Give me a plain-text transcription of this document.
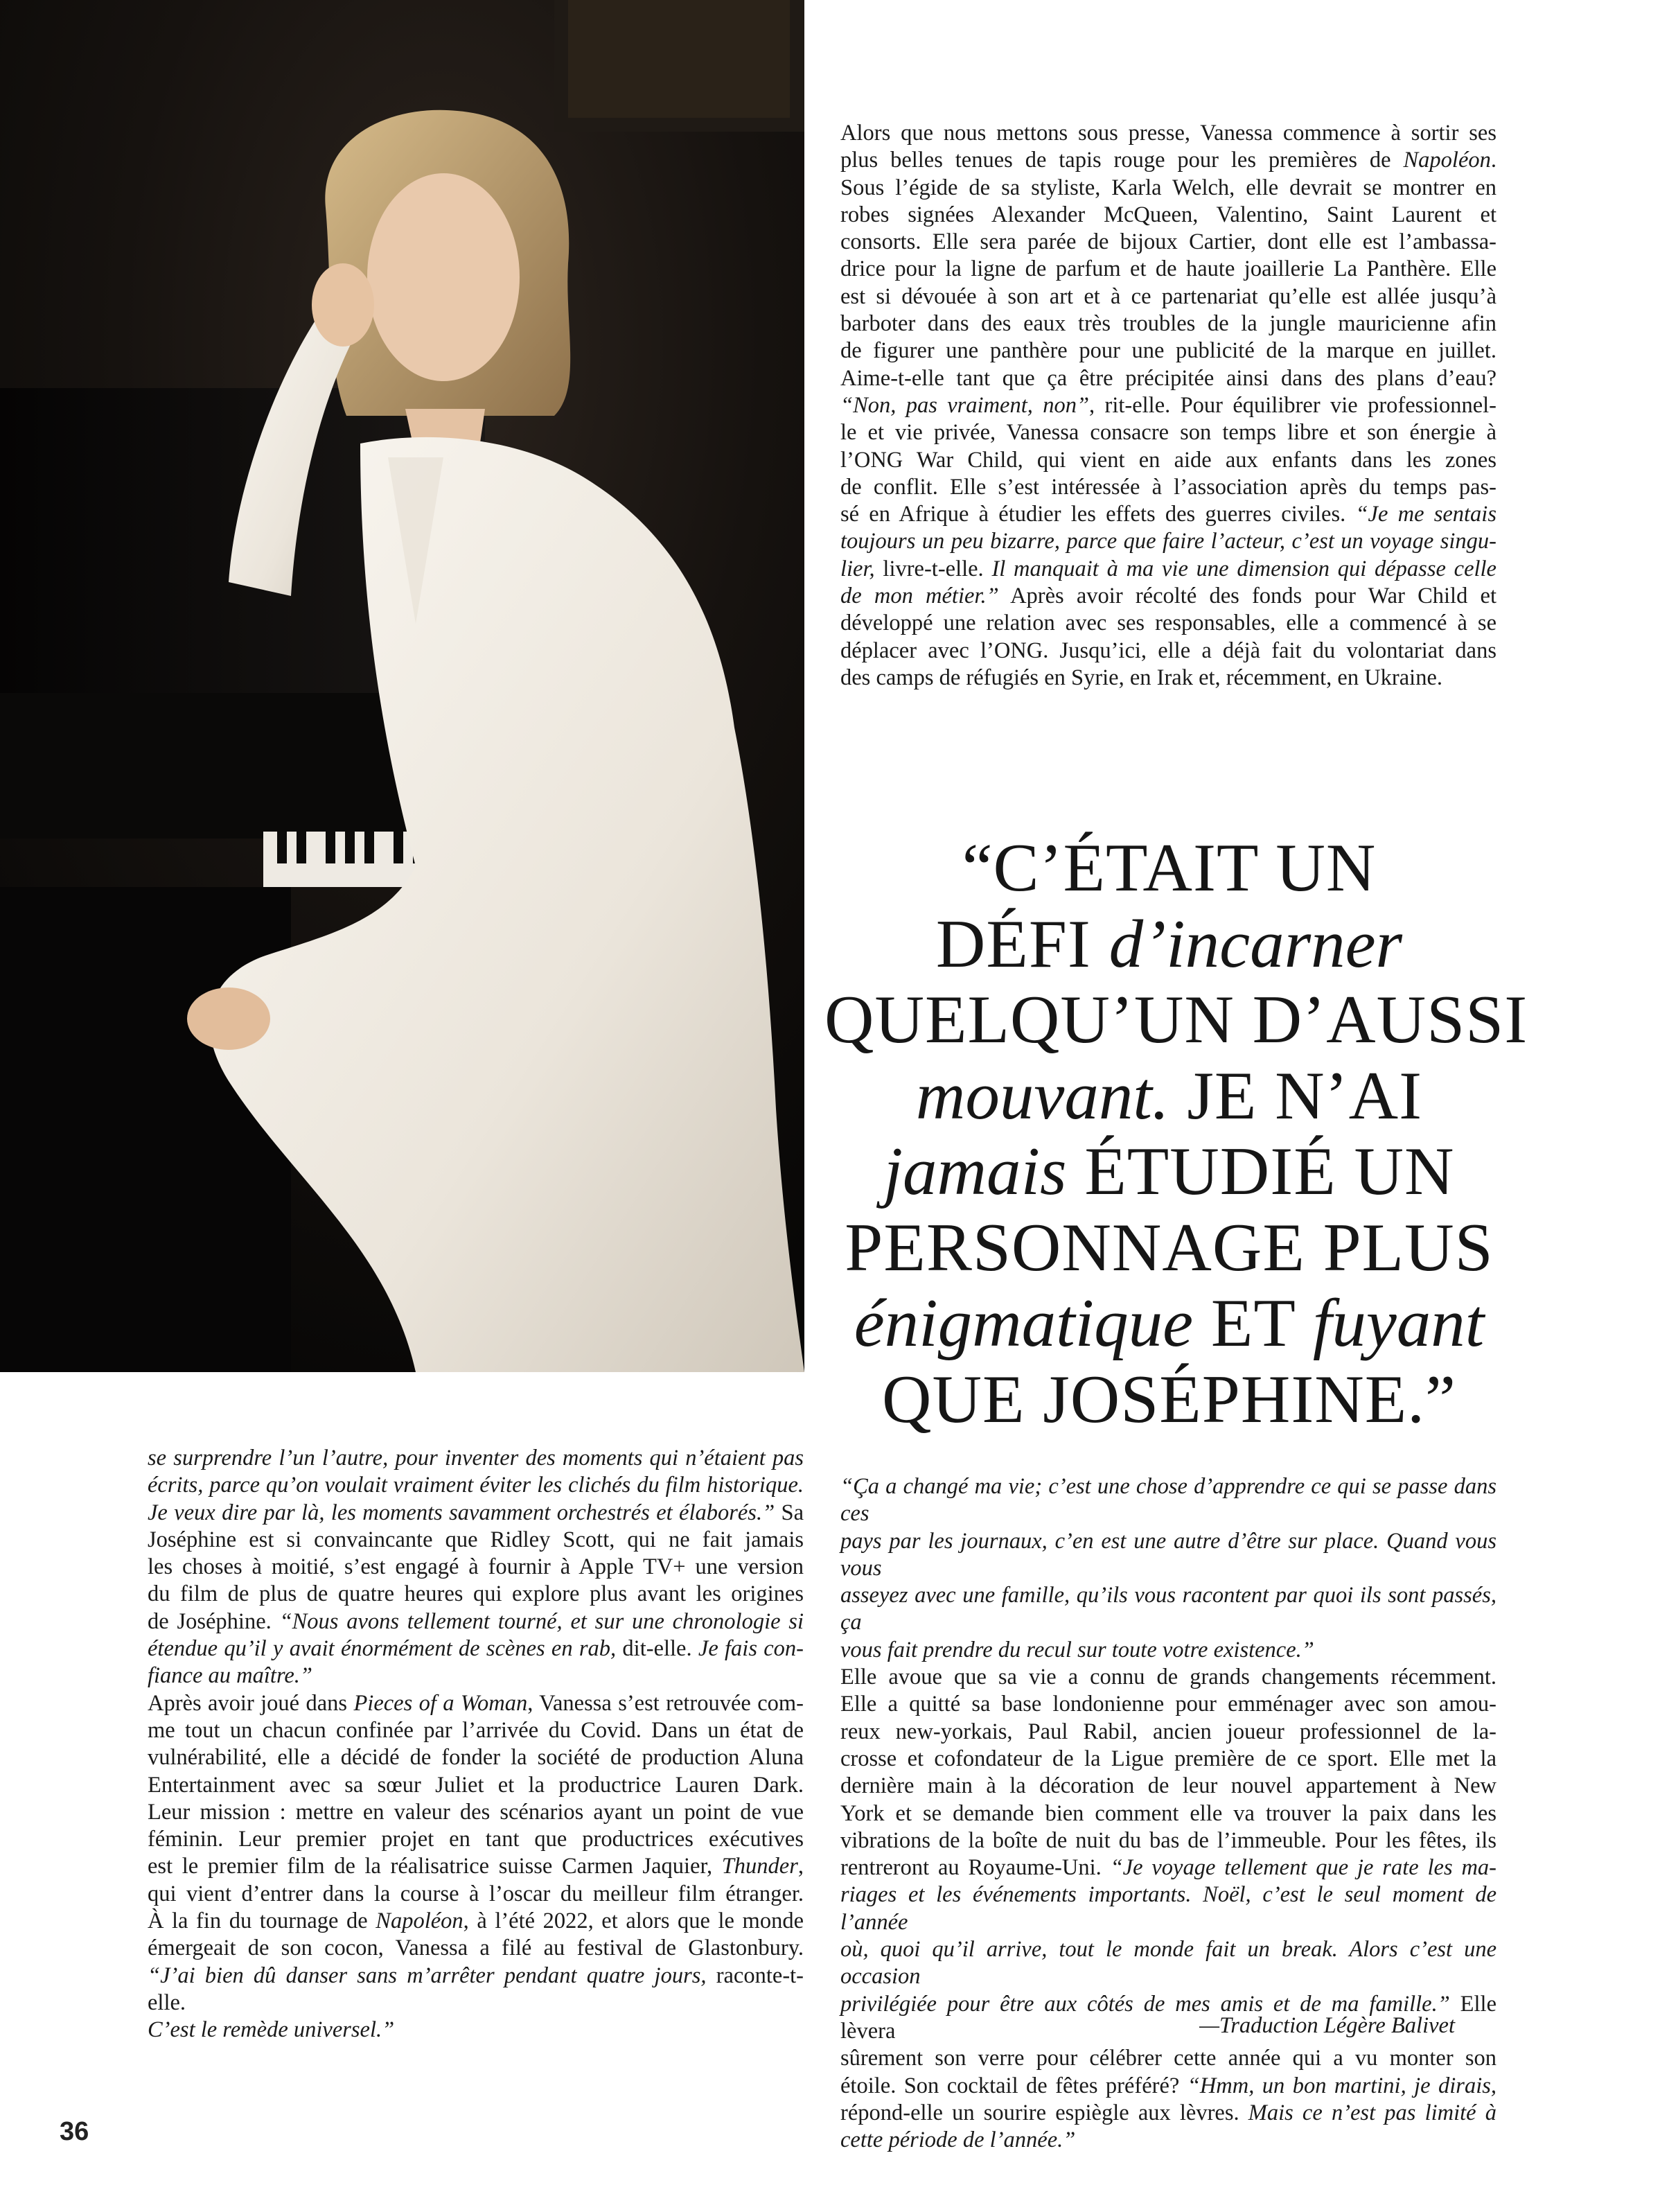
Alors que nous mettons sous presse, Vanessa commence à sortir ses
plus belles tenues de tapis rouge pour les premières de Napoléon.
Sous l’égide de sa styliste, Karla Welch, elle devrait se montrer en
robes signées Alexander McQueen, Valentino, Saint Laurent et
consorts. Elle sera parée de bijoux Cartier, dont elle est l’ambassa-
drice pour la ligne de parfum et de haute joaillerie La Panthère. Elle
est si dévouée à son art et à ce partenariat qu’elle est allée jusqu’à
barboter dans des eaux très troubles de la jungle mauricienne afin
de figurer une panthère pour une publicité de la marque en juillet.
Aime-t-elle tant que ça être précipitée ainsi dans des plans d’eau?
“Non, pas vraiment, non”, rit-elle. Pour équilibrer vie professionnel-
le et vie privée, Vanessa consacre son temps libre et son énergie à
l’ONG War Child, qui vient en aide aux enfants dans les zones
de conflit. Elle s’est intéressée à l’association après du temps pas-
sé en Afrique à étudier les effets des guerres civiles. “Je me sentais
toujours un peu bizarre, parce que faire l’acteur, c’est un voyage singu-
lier, livre-t-elle. Il manquait à ma vie une dimension qui dépasse celle
de mon métier.” Après avoir récolté des fonds pour War Child et
développé une relation avec ses responsables, elle a commencé à se
déplacer avec l’ONG. Jusqu’ici, elle a déjà fait du volontariat dans
des camps de réfugiés en Syrie, en Irak et, récemment, en Ukraine.
“C’ÉTAIT UN
DÉFI d’incarner
QUELQU’UN D’AUSSI
mouvant. JE N’AI
jamais ÉTUDIÉ UN
PERSONNAGE PLUS
énigmatique ET fuyant
QUE JOSÉPHINE.”
se surprendre l’un l’autre, pour inventer des moments qui n’étaient pas
écrits, parce qu’on voulait vraiment éviter les clichés du film historique.
Je veux dire par là, les moments savamment orchestrés et élaborés.” Sa
Joséphine est si convaincante que Ridley Scott, qui ne fait jamais
les choses à moitié, s’est engagé à fournir à Apple TV+ une version
du film de plus de quatre heures qui explore plus avant les origines
de Joséphine. “Nous avons tellement tourné, et sur une chronologie si
étendue qu’il y avait énormément de scènes en rab, dit-elle. Je fais con-
fiance au maître.”
Après avoir joué dans Pieces of a Woman, Vanessa s’est retrouvée com-
me tout un chacun confinée par l’arrivée du Covid. Dans un état de
vulnérabilité, elle a décidé de fonder la société de production Aluna
Entertainment avec sa sœur Juliet et la productrice Lauren Dark.
Leur mission : mettre en valeur des scénarios ayant un point de vue
féminin. Leur premier projet en tant que productrices exécutives
est le premier film de la réalisatrice suisse Carmen Jaquier, Thunder,
qui vient d’entrer dans la course à l’oscar du meilleur film étranger.
À la fin du tournage de Napoléon, à l’été 2022, et alors que le monde
émergeait de son cocon, Vanessa a filé au festival de Glastonbury.
“J’ai bien dû danser sans m’arrêter pendant quatre jours, raconte-t-elle.
C’est le remède universel.”
“Ça a changé ma vie; c’est une chose d’apprendre ce qui se passe dans ces
pays par les journaux, c’en est une autre d’être sur place. Quand vous vous
asseyez avec une famille, qu’ils vous racontent par quoi ils sont passés, ça
vous fait prendre du recul sur toute votre existence.”
Elle avoue que sa vie a connu de grands changements récemment.
Elle a quitté sa base londonienne pour emménager avec son amou-
reux new-yorkais, Paul Rabil, ancien joueur professionnel de la-
crosse et cofondateur de la Ligue première de ce sport. Elle met la
dernière main à la décoration de leur nouvel appartement à New
York et se demande bien comment elle va trouver la paix dans les
vibrations de la boîte de nuit du bas de l’immeuble. Pour les fêtes, ils
rentreront au Royaume-Uni. “Je voyage tellement que je rate les ma-
riages et les événements importants. Noël, c’est le seul moment de l’année
où, quoi qu’il arrive, tout le monde fait un break. Alors c’est une occasion
privilégiée pour être aux côtés de mes amis et de ma famille.” Elle lèvera
sûrement son verre pour célébrer cette année qui a vu monter son
étoile. Son cocktail de fêtes préféré? “Hmm, un bon martini, je dirais,
répond-elle un sourire espiègle aux lèvres. Mais ce n’est pas limité à
cette période de l’année.”
—Traduction Légère Balivet
36
